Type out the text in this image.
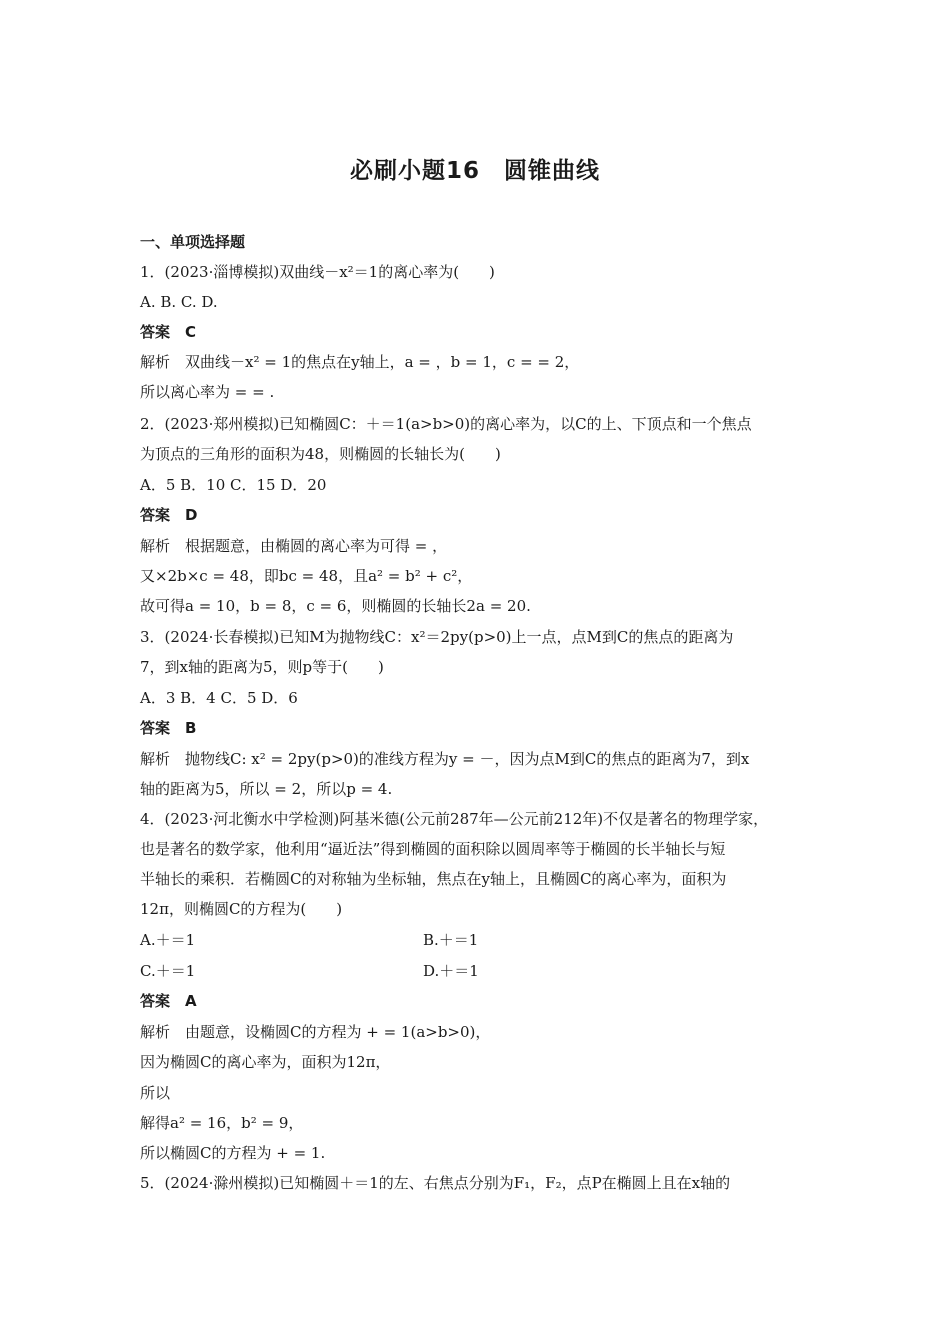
必刷小题16　圆锥曲线
一、单项选择题
1．(2023·淄博模拟)双曲线－x²＝1的离心率为(　　)
A. B. C. D.
答案　C
解析　双曲线－x² = 1的焦点在y轴上，a = ，b = 1，c = = 2，
所以离心率为 = = .
2．(2023·郑州模拟)已知椭圆C：＋＝1(a>b>0)的离心率为，以C的上、下顶点和一个焦点
为顶点的三角形的面积为48，则椭圆的长轴长为(　　)
A．5 B．10 C．15 D．20
答案　D
解析　根据题意，由椭圆的离心率为可得 = ，
又×2b×c = 48，即bc = 48，且a² = b² + c²，
故可得a = 10，b = 8，c = 6，则椭圆的长轴长2a = 20.
3．(2024·长春模拟)已知M为抛物线C：x²＝2py(p>0)上一点，点M到C的焦点的距离为
7，到x轴的距离为5，则p等于(　　)
A．3 B．4 C．5 D．6
答案　B
解析　抛物线C: x² = 2py(p>0)的准线方程为y = －，因为点M到C的焦点的距离为7，到x
轴的距离为5，所以 = 2，所以p = 4.
4．(2023·河北衡水中学检测)阿基米德(公元前287年—公元前212年)不仅是著名的物理学家，
也是著名的数学家，他利用“逼近法”得到椭圆的面积除以圆周率等于椭圆的长半轴长与短
半轴长的乘积．若椭圆C的对称轴为坐标轴，焦点在y轴上，且椭圆C的离心率为，面积为
12π，则椭圆C的方程为(　　)
A.＋＝1	B.＋＝1
C.＋＝1	D.＋＝1
答案　A
解析　由题意，设椭圆C的方程为 + = 1(a>b>0)，
因为椭圆C的离心率为，面积为12π，
所以
解得a² = 16，b² = 9，
所以椭圆C的方程为 + = 1.
5．(2024·滁州模拟)已知椭圆＋＝1的左、右焦点分别为F₁，F₂，点P在椭圆上且在x轴的
